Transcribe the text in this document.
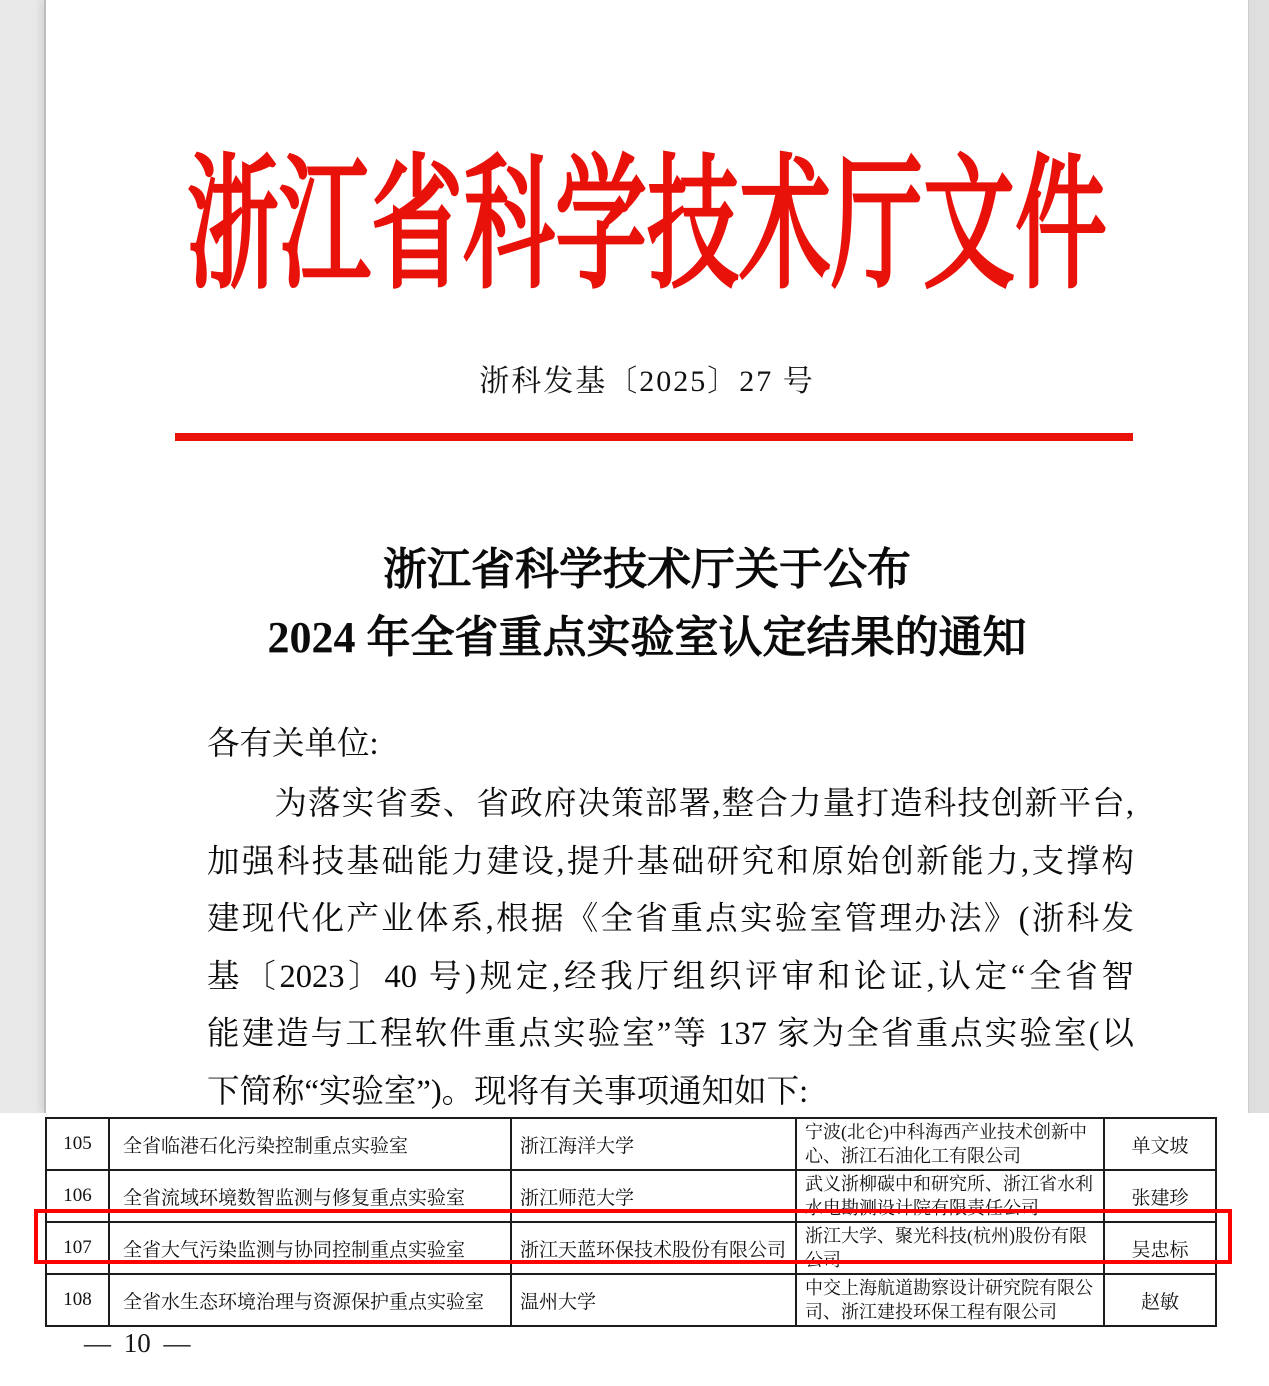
浙江省科学技术厅文件
浙科发基〔2025〕27 号
浙江省科学技术厅关于公布
2024 年全省重点实验室认定结果的通知
各有关单位:
　　为落实省委、省政府决策部署,整合力量打造科技创新平台,
加强科技基础能力建设,提升基础研究和原始创新能力,支撑构
建现代化产业体系,根据《全省重点实验室管理办法》(浙科发
基〔2023〕40 号)规定,经我厅组织评审和论证,认定“全省智
能建造与工程软件重点实验室”等 137 家为全省重点实验室(以
下简称“实验室”)。现将有关事项通知如下:
105	全省临港石化污染控制重点实验室	浙江海洋大学	宁波(北仑)中科海西产业技术创新中心、浙江石油化工有限公司	单文坡
106	全省流域环境数智监测与修复重点实验室	浙江师范大学	武义浙柳碳中和研究所、浙江省水利水电勘测设计院有限责任公司	张建珍
107	全省大气污染监测与协同控制重点实验室	浙江天蓝环保技术股份有限公司	浙江大学、聚光科技(杭州)股份有限公司	吴忠标
108	全省水生态环境治理与资源保护重点实验室	温州大学	中交上海航道勘察设计研究院有限公司、浙江建投环保工程有限公司	赵敏
— 10 —
